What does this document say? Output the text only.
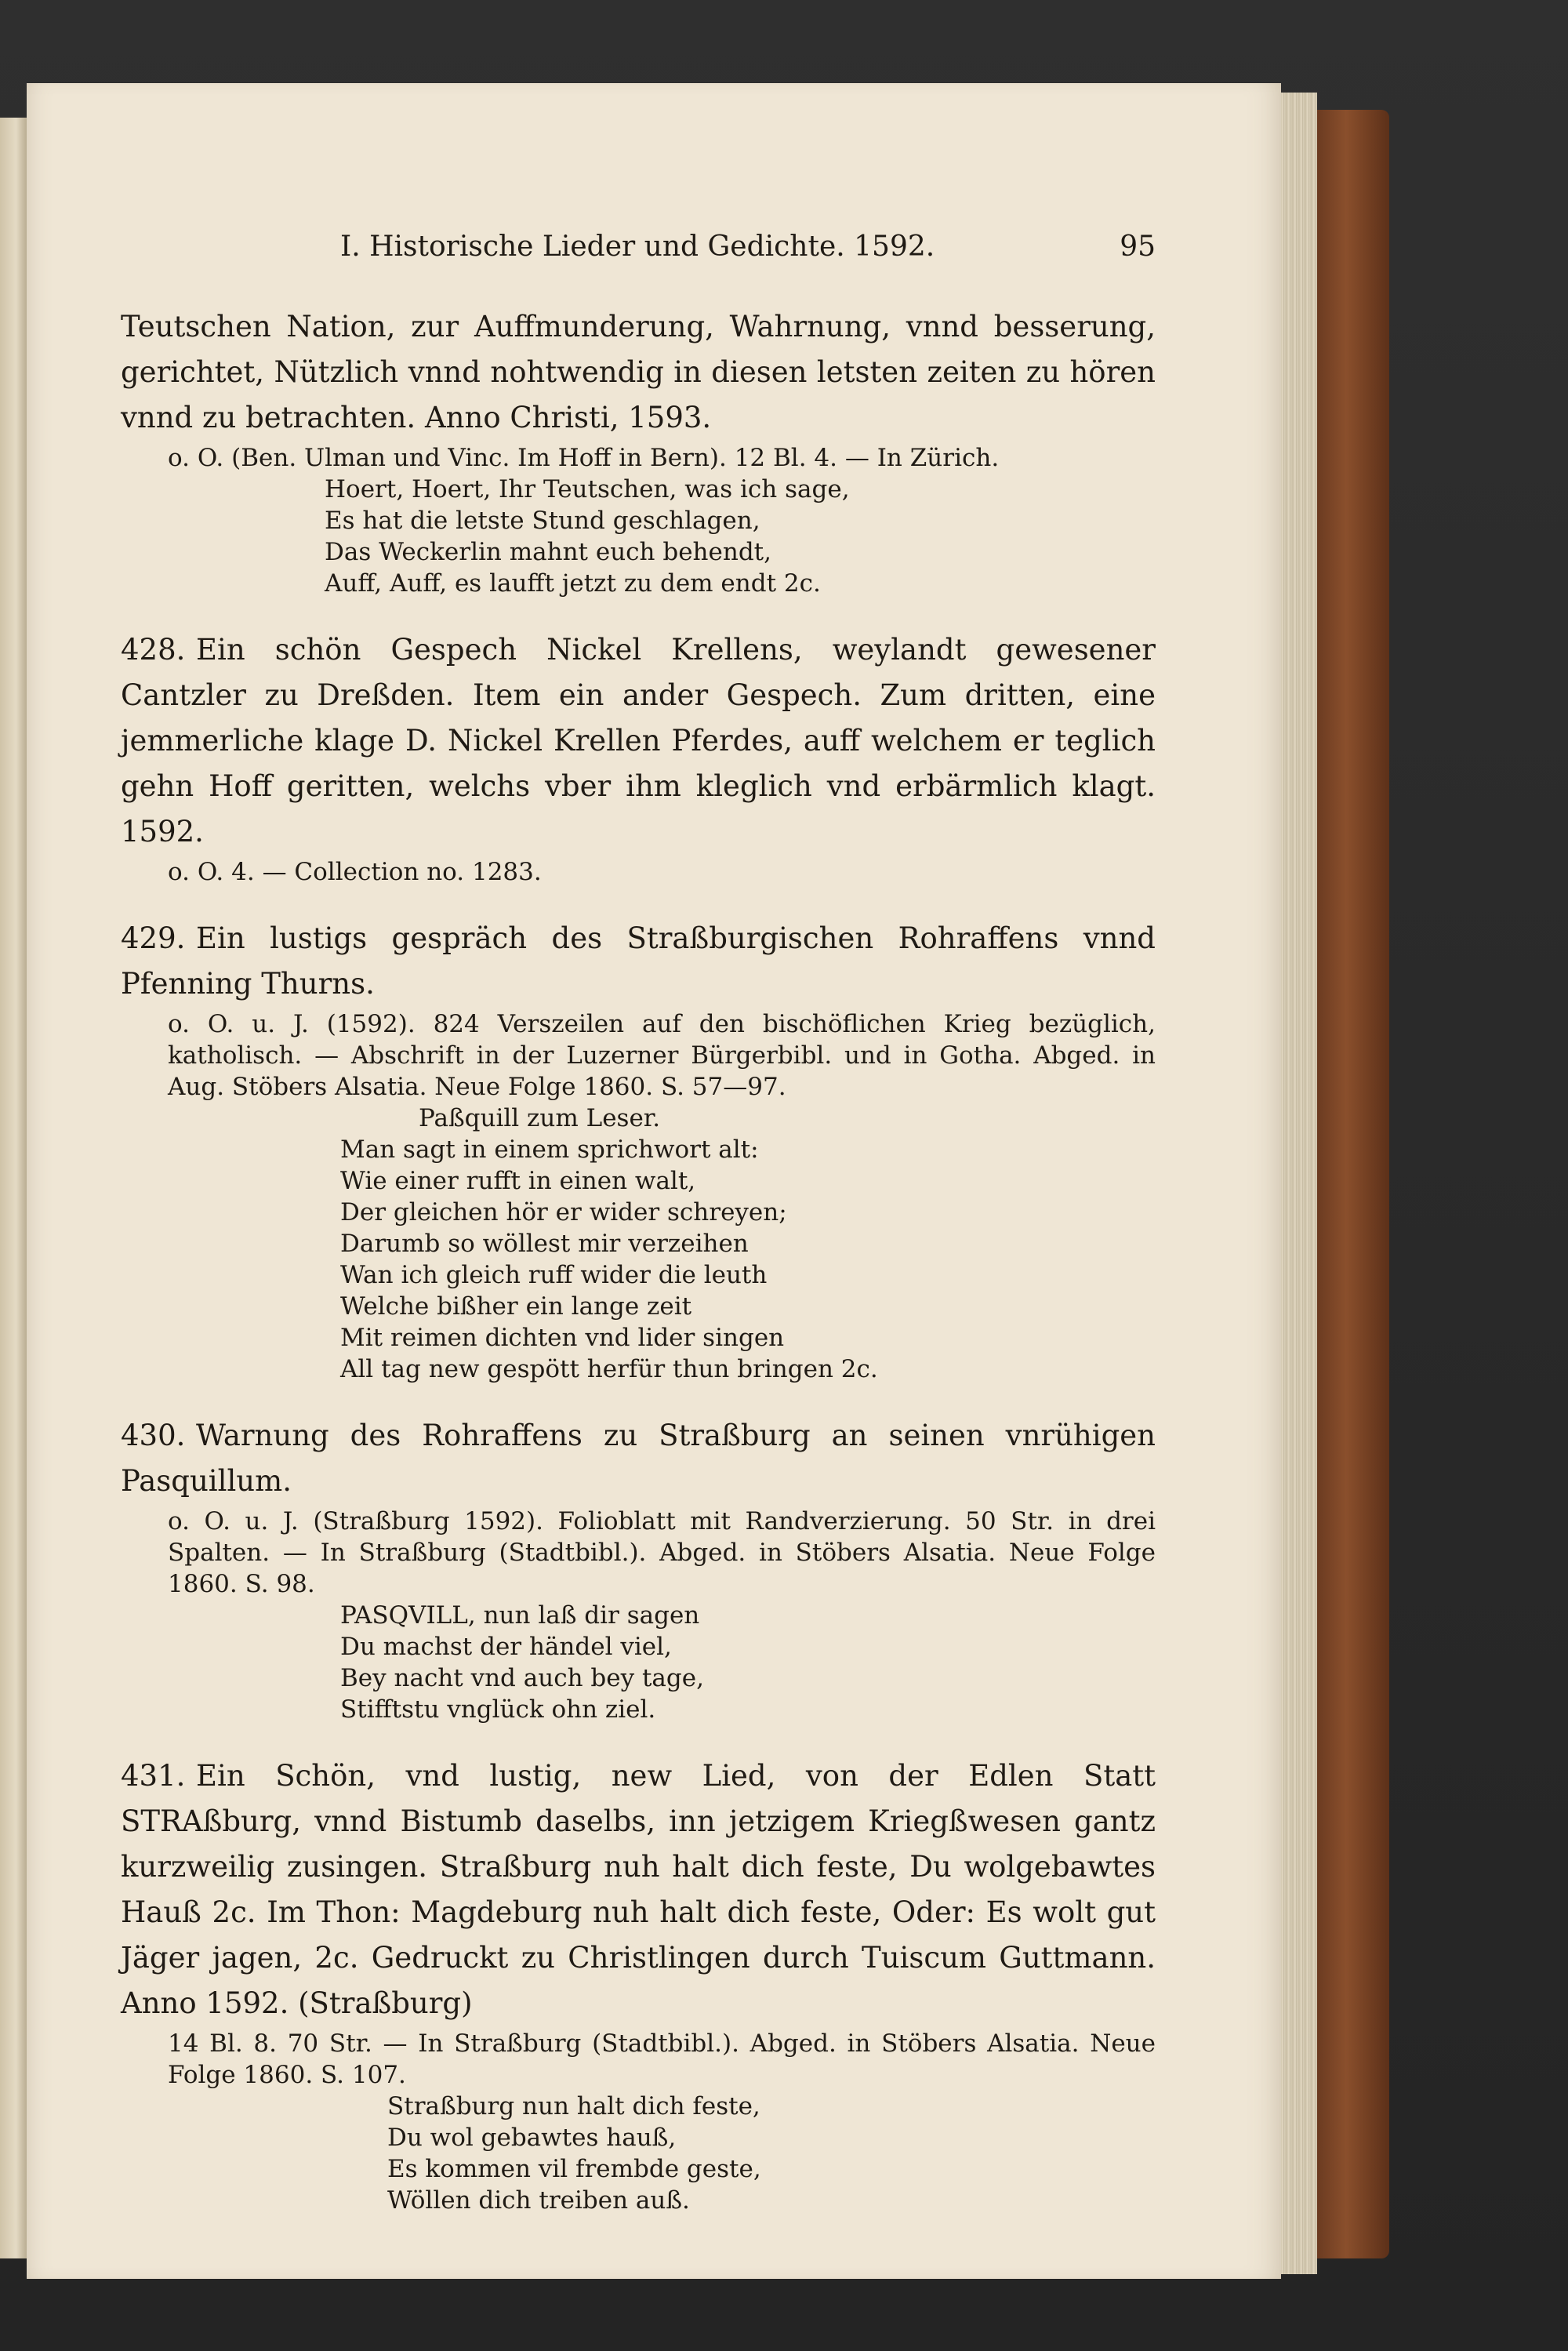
I. Historische Lieder und Gedichte. 1592.	95

Teutschen Nation, zur Auffmunderung, Wahrnung, vnnd besserung, gerichtet, Nützlich vnnd nohtwendig in diesen letsten zeiten zu hören vnnd zu betrachten. Anno Christi, 1593.

o. O. (Ben. Ulman und Vinc. Im Hoff in Bern). 12 Bl. 4. — In Zürich.

Hoert, Hoert, Ihr Teutschen, was ich sage,
Es hat die letste Stund geschlagen,
Das Weckerlin mahnt euch behendt,
Auff, Auff, es laufft jetzt zu dem endt 2c.

428. Ein schön Gespech Nickel Krellens, weylandt gewesener Cantzler zu Dreßden. Item ein ander Gespech. Zum dritten, eine jemmerliche klage D. Nickel Krellen Pferdes, auff welchem er teglich gehn Hoff geritten, welchs vber ihm kleglich vnd erbärmlich klagt. 1592.

o. O. 4. — Collection no. 1283.

429. Ein lustigs gespräch des Straßburgischen Rohraffens vnnd Pfenning Thurns.

o. O. u. J. (1592). 824 Verszeilen auf den bischöflichen Krieg bezüglich, katholisch. — Abschrift in der Luzerner Bürgerbibl. und in Gotha. Abged. in Aug. Stöbers Alsatia. Neue Folge 1860. S. 57—97.

Paßquill zum Leser.
Man sagt in einem sprichwort alt:
Wie einer rufft in einen walt,
Der gleichen hör er wider schreyen;
Darumb so wöllest mir verzeihen
Wan ich gleich ruff wider die leuth
Welche bißher ein lange zeit
Mit reimen dichten vnd lider singen
All tag new gespött herfür thun bringen 2c.

430. Warnung des Rohraffens zu Straßburg an seinen vnrühigen Pasquillum.

o. O. u. J. (Straßburg 1592). Folioblatt mit Randverzierung. 50 Str. in drei Spalten. — In Straßburg (Stadtbibl.). Abged. in Stöbers Alsatia. Neue Folge 1860. S. 98.

PASQVILL, nun laß dir sagen
Du machst der händel viel,
Bey nacht vnd auch bey tage,
Stifftstu vnglück ohn ziel.

431. Ein Schön, vnd lustig, new Lied, von der Edlen Statt STRAßburg, vnnd Bistumb daselbs, inn jetzigem Kriegßwesen gantz kurzweilig zusingen. Straßburg nuh halt dich feste, Du wolgebawtes Hauß 2c. Im Thon: Magdeburg nuh halt dich feste, Oder: Es wolt gut Jäger jagen, 2c. Gedruckt zu Christlingen durch Tuiscum Guttmann. Anno 1592. (Straßburg)

14 Bl. 8. 70 Str. — In Straßburg (Stadtbibl.). Abged. in Stöbers Alsatia. Neue Folge 1860. S. 107.

Straßburg nun halt dich feste,
Du wol gebawtes hauß,
Es kommen vil frembde geste,
Wöllen dich treiben auß.
